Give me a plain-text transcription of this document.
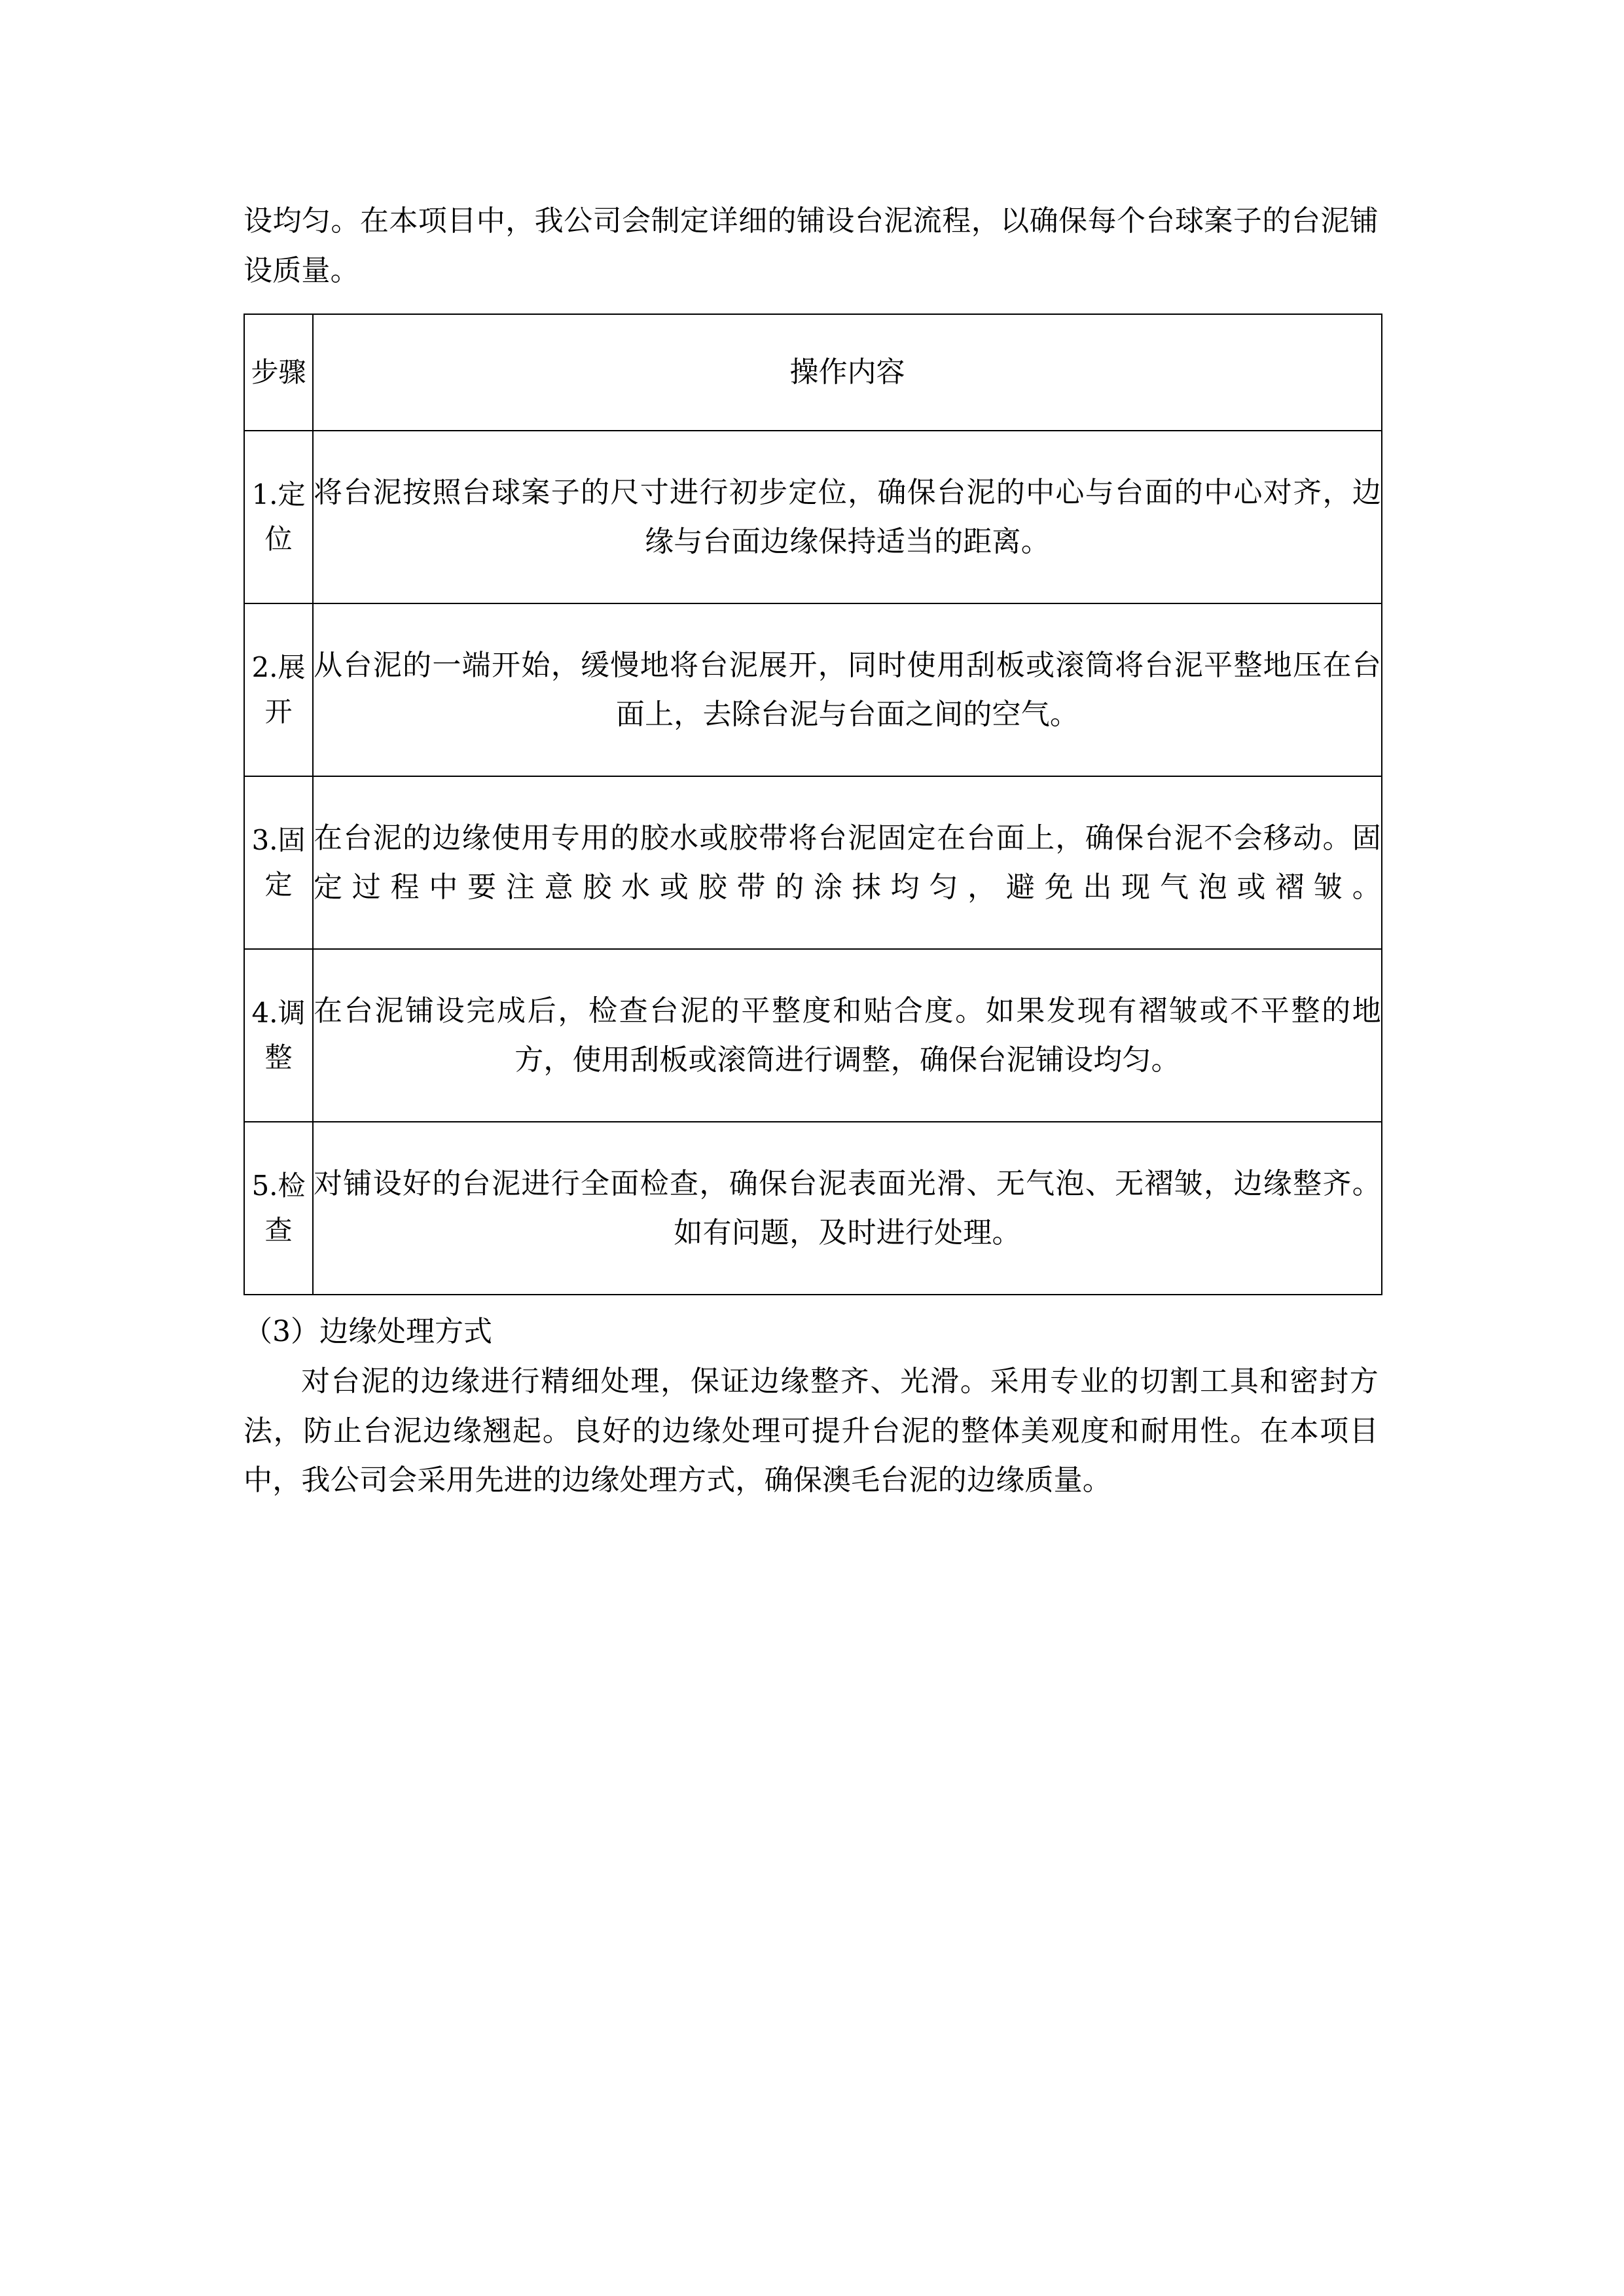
设均匀。在本项目中，我公司会制定详细的铺设台泥流程，以确保每个台球案子的台泥铺设质量。

步骤	操作内容

1.定位	将台泥按照台球案子的尺寸进行初步定位，确保台泥的中心与台面的中心对齐，边缘与台面边缘保持适当的距离。

2.展开	从台泥的一端开始，缓慢地将台泥展开，同时使用刮板或滚筒将台泥平整地压在台面上，去除台泥与台面之间的空气。

3.固定	在台泥的边缘使用专用的胶水或胶带将台泥固定在台面上，确保台泥不会移动。固定过程中要注意胶水或胶带的涂抹均匀，避免出现气泡或褶皱。

4.调整	在台泥铺设完成后，检查台泥的平整度和贴合度。如果发现有褶皱或不平整的地方，使用刮板或滚筒进行调整，确保台泥铺设均匀。

5.检查	对铺设好的台泥进行全面检查，确保台泥表面光滑、无气泡、无褶皱，边缘整齐。如有问题，及时进行处理。

（3）边缘处理方式

对台泥的边缘进行精细处理，保证边缘整齐、光滑。采用专业的切割工具和密封方法，防止台泥边缘翘起。良好的边缘处理可提升台泥的整体美观度和耐用性。在本项目中，我公司会采用先进的边缘处理方式，确保澳毛台泥的边缘质量。
